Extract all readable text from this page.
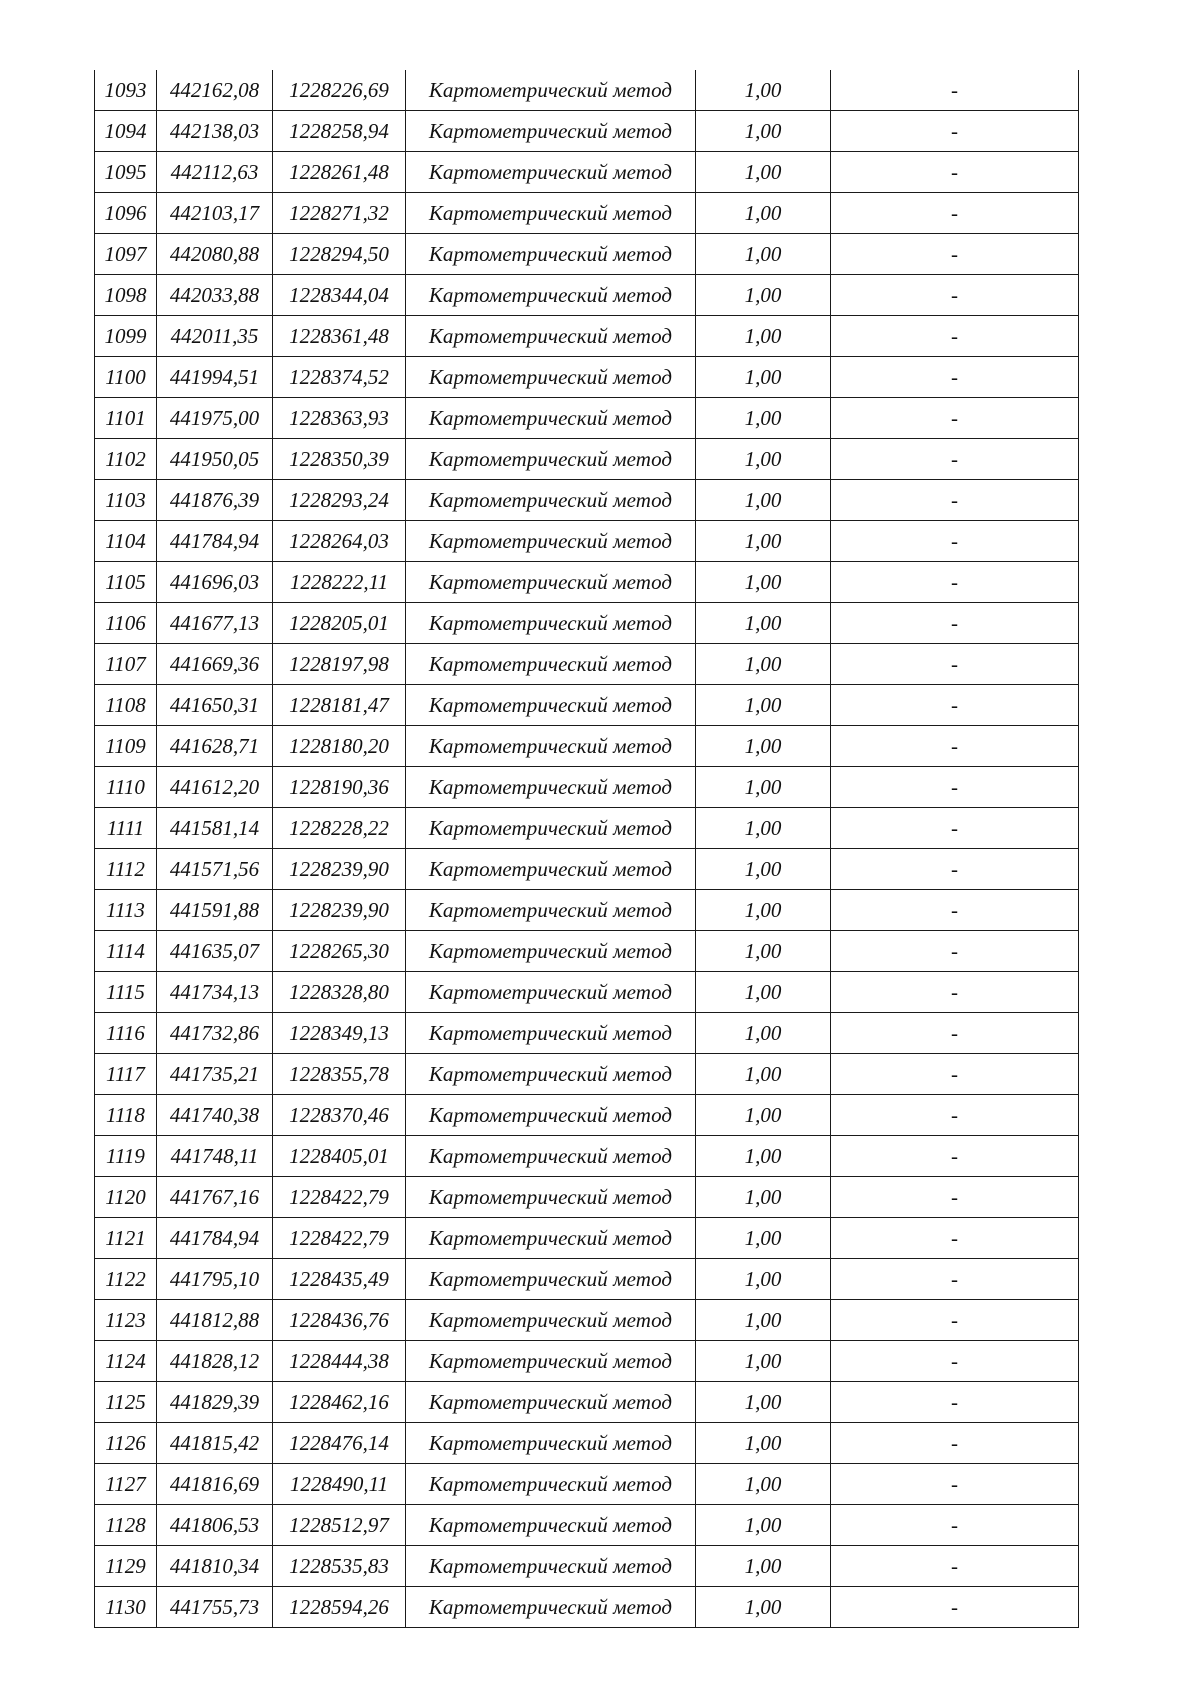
1093	442162,08	1228226,69	Картометрический метод	1,00	-
1094	442138,03	1228258,94	Картометрический метод	1,00	-
1095	442112,63	1228261,48	Картометрический метод	1,00	-
1096	442103,17	1228271,32	Картометрический метод	1,00	-
1097	442080,88	1228294,50	Картометрический метод	1,00	-
1098	442033,88	1228344,04	Картометрический метод	1,00	-
1099	442011,35	1228361,48	Картометрический метод	1,00	-
1100	441994,51	1228374,52	Картометрический метод	1,00	-
1101	441975,00	1228363,93	Картометрический метод	1,00	-
1102	441950,05	1228350,39	Картометрический метод	1,00	-
1103	441876,39	1228293,24	Картометрический метод	1,00	-
1104	441784,94	1228264,03	Картометрический метод	1,00	-
1105	441696,03	1228222,11	Картометрический метод	1,00	-
1106	441677,13	1228205,01	Картометрический метод	1,00	-
1107	441669,36	1228197,98	Картометрический метод	1,00	-
1108	441650,31	1228181,47	Картометрический метод	1,00	-
1109	441628,71	1228180,20	Картометрический метод	1,00	-
1110	441612,20	1228190,36	Картометрический метод	1,00	-
1111	441581,14	1228228,22	Картометрический метод	1,00	-
1112	441571,56	1228239,90	Картометрический метод	1,00	-
1113	441591,88	1228239,90	Картометрический метод	1,00	-
1114	441635,07	1228265,30	Картометрический метод	1,00	-
1115	441734,13	1228328,80	Картометрический метод	1,00	-
1116	441732,86	1228349,13	Картометрический метод	1,00	-
1117	441735,21	1228355,78	Картометрический метод	1,00	-
1118	441740,38	1228370,46	Картометрический метод	1,00	-
1119	441748,11	1228405,01	Картометрический метод	1,00	-
1120	441767,16	1228422,79	Картометрический метод	1,00	-
1121	441784,94	1228422,79	Картометрический метод	1,00	-
1122	441795,10	1228435,49	Картометрический метод	1,00	-
1123	441812,88	1228436,76	Картометрический метод	1,00	-
1124	441828,12	1228444,38	Картометрический метод	1,00	-
1125	441829,39	1228462,16	Картометрический метод	1,00	-
1126	441815,42	1228476,14	Картометрический метод	1,00	-
1127	441816,69	1228490,11	Картометрический метод	1,00	-
1128	441806,53	1228512,97	Картометрический метод	1,00	-
1129	441810,34	1228535,83	Картометрический метод	1,00	-
1130	441755,73	1228594,26	Картометрический метод	1,00	-
